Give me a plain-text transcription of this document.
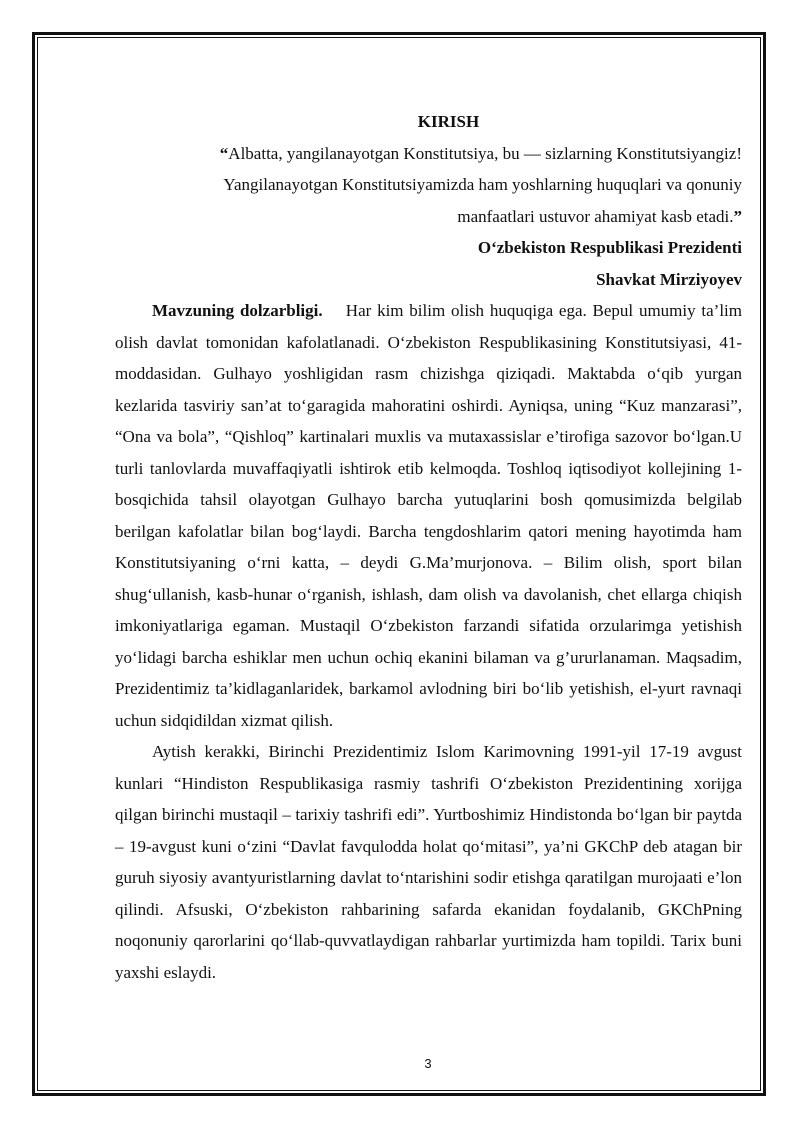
KIRISH

“Albatta, yangilanayotgan Konstitutsiya, bu — sizlarning Konstitutsiyangiz!

Yangilanayotgan Konstitutsiyamizda ham yoshlarning huquqlari va qonuniy

manfaatlari ustuvor ahamiyat kasb etadi.”

O‘zbekiston Respublikasi Prezidenti

Shavkat Mirziyoyev

Mavzuning dolzarbligi. Har kim bilim olish huquqiga ega. Bepul umumiy ta’lim olish davlat tomonidan kafolatlanadi. O‘zbekiston Respublikasining Konstitutsiyasi, 41-moddasidan. Gulhayo yoshligidan rasm chizishga qiziqadi. Maktabda o‘qib yurgan kezlarida tasviriy san’at to‘garagida mahoratini oshirdi. Ayniqsa, uning “Kuz manzarasi”, “Ona va bola”, “Qishloq” kartinalari muxlis va mutaxassislar e’tirofiga sazovor bo‘lgan.U turli tanlovlarda muvaffaqiyatli ishtirok etib kelmoqda. Toshloq iqtisodiyot kollejining 1-bosqichida tahsil olayotgan Gulhayo barcha yutuqlarini bosh qomusimizda belgilab berilgan kafolatlar bilan bog‘laydi. Barcha tengdoshlarim qatori mening hayotimda ham Konstitutsiyaning o‘rni katta, – deydi G.Ma’murjonova. – Bilim olish, sport bilan shug‘ullanish, kasb-hunar o‘rganish, ishlash, dam olish va davolanish, chet ellarga chiqish imkoniyatlariga egaman. Mustaqil O‘zbekiston farzandi sifatida orzularimga yetishish yo‘lidagi barcha eshiklar men uchun ochiq ekanini bilaman va g’ururlanaman. Maqsadim, Prezidentimiz ta’kidlaganlaridek, barkamol avlodning biri bo‘lib yetishish, el-yurt ravnaqi uchun sidqidildan xizmat qilish.

Aytish kerakki, Birinchi Prezidentimiz Islom Karimovning 1991-yil 17-19 avgust kunlari “Hindiston Respublikasiga rasmiy tashrifi O‘zbekiston Prezidentining xorijga qilgan birinchi mustaqil – tarixiy tashrifi edi”. Yurtboshimiz Hindistonda bo‘lgan bir paytda – 19-avgust kuni o‘zini “Davlat favqulodda holat qo‘mitasi”, ya’ni GKChP deb atagan bir guruh siyosiy avantyuristlarning davlat to‘ntarishini sodir etishga qaratilgan murojaati e’lon qilindi. Afsuski, O‘zbekiston rahbarining safarda ekanidan foydalanib, GKChPning noqonuniy qarorlarini qo‘llab-quvvatlaydigan rahbarlar yurtimizda ham topildi. Tarix buni yaxshi eslaydi.

3
